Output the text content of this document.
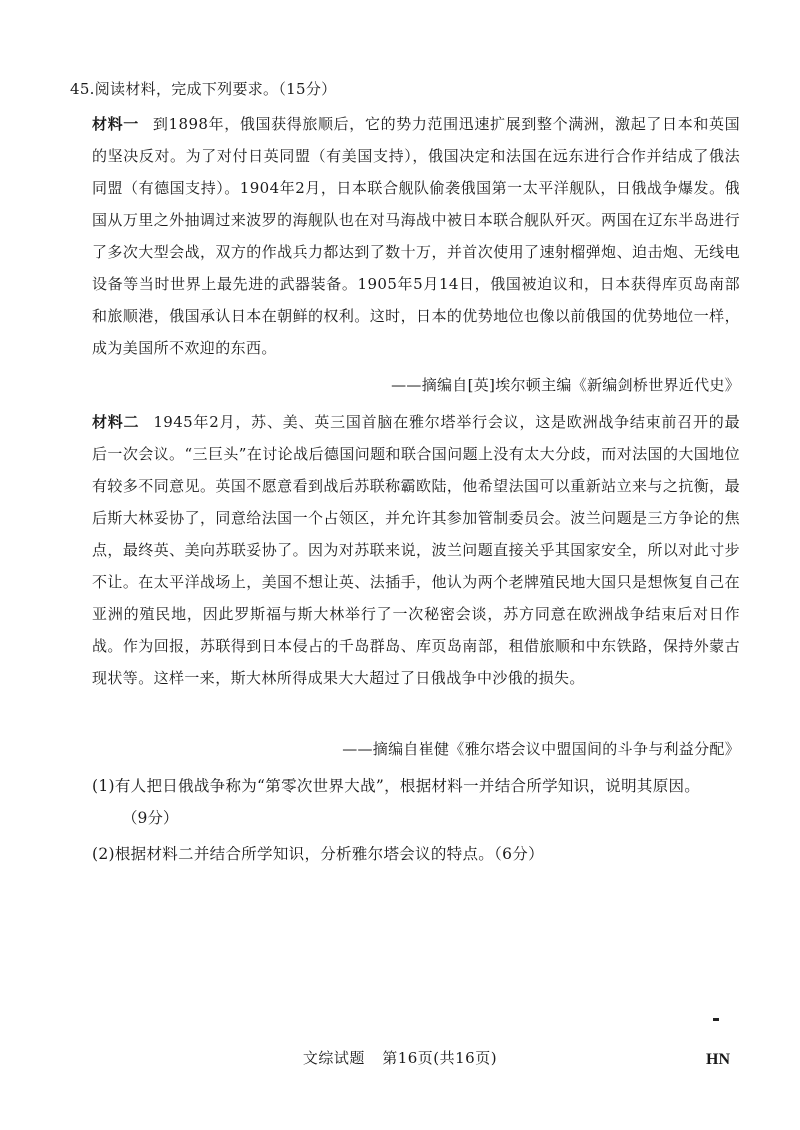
45.阅读材料，完成下列要求。（15分）

材料一 到1898年，俄国获得旅顺后，它的势力范围迅速扩展到整个满洲，激起了日本和英国的坚决反对。为了对付日英同盟（有美国支持），俄国决定和法国在远东进行合作并结成了俄法同盟（有德国支持）。1904年2月，日本联合舰队偷袭俄国第一太平洋舰队，日俄战争爆发。俄国从万里之外抽调过来波罗的海舰队也在对马海战中被日本联合舰队歼灭。两国在辽东半岛进行了多次大型会战，双方的作战兵力都达到了数十万，并首次使用了速射榴弹炮、迫击炮、无线电设备等当时世界上最先进的武器装备。1905年5月14日，俄国被迫议和，日本获得库页岛南部和旅顺港，俄国承认日本在朝鲜的权利。这时，日本的优势地位也像以前俄国的优势地位一样，成为美国所不欢迎的东西。

——摘编自[英]埃尔顿主编《新编剑桥世界近代史》

材料二 1945年2月，苏、美、英三国首脑在雅尔塔举行会议，这是欧洲战争结束前召开的最后一次会议。“三巨头”在讨论战后德国问题和联合国问题上没有太大分歧，而对法国的大国地位有较多不同意见。英国不愿意看到战后苏联称霸欧陆，他希望法国可以重新站立来与之抗衡，最后斯大林妥协了，同意给法国一个占领区，并允许其参加管制委员会。波兰问题是三方争论的焦点，最终英、美向苏联妥协了。因为对苏联来说，波兰问题直接关乎其国家安全，所以对此寸步不让。在太平洋战场上，美国不想让英、法插手，他认为两个老牌殖民地大国只是想恢复自己在亚洲的殖民地，因此罗斯福与斯大林举行了一次秘密会谈，苏方同意在欧洲战争结束后对日作战。作为回报，苏联得到日本侵占的千岛群岛、库页岛南部，租借旅顺和中东铁路，保持外蒙古现状等。这样一来，斯大林所得成果大大超过了日俄战争中沙俄的损失。

——摘编自崔健《雅尔塔会议中盟国间的斗争与利益分配》
(1)有人把日俄战争称为“第零次世界大战”，根据材料一并结合所学知识，说明其原因。
（9分）
(2)根据材料二并结合所学知识，分析雅尔塔会议的特点。（6分）
文综试题 第16页(共16页)	HN
